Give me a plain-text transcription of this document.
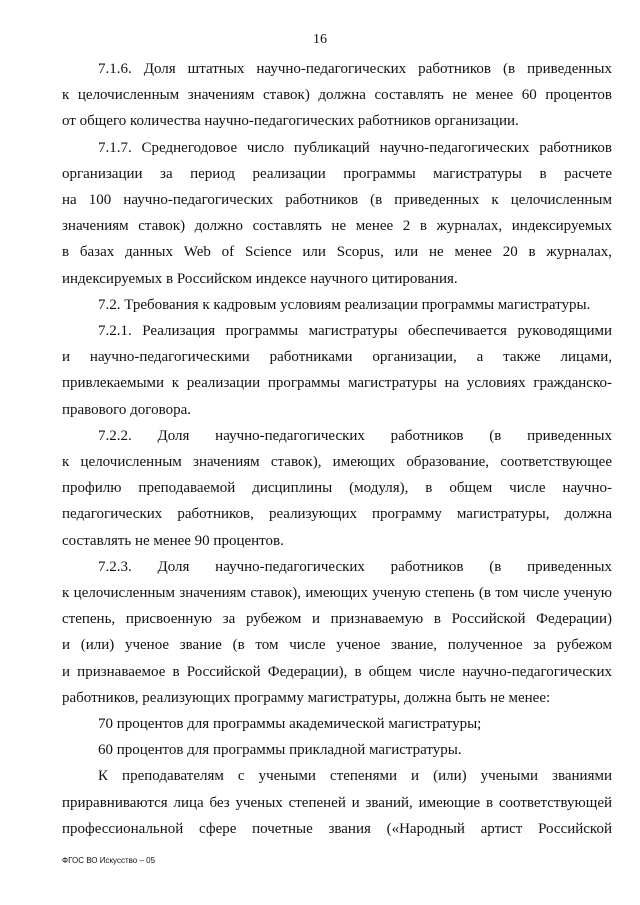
16

7.1.6. Доля штатных научно-педагогических работников (в приведенных
к целочисленным значениям ставок) должна составлять не менее 60 процентов
от общего количества научно-педагогических работников организации.

7.1.7. Среднегодовое число публикаций научно-педагогических работников
организации за период реализации программы магистратуры в расчете
на 100 научно-педагогических работников (в приведенных к целочисленным
значениям ставок) должно составлять не менее 2 в журналах, индексируемых
в базах данных Web of Science или Scopus, или не менее 20 в журналах,
индексируемых в Российском индексе научного цитирования.

7.2. Требования к кадровым условиям реализации программы магистратуры.

7.2.1. Реализация программы магистратуры обеспечивается руководящими
и научно-педагогическими работниками организации, а также лицами,
привлекаемыми к реализации программы магистратуры на условиях гражданско-
правового договора.

7.2.2. Доля научно-педагогических работников (в приведенных
к целочисленным значениям ставок), имеющих образование, соответствующее
профилю преподаваемой дисциплины (модуля), в общем числе научно-
педагогических работников, реализующих программу магистратуры, должна
составлять не менее 90 процентов.

7.2.3. Доля научно-педагогических работников (в приведенных
к целочисленным значениям ставок), имеющих ученую степень (в том числе ученую
степень, присвоенную за рубежом и признаваемую в Российской Федерации)
и (или) ученое звание (в том числе ученое звание, полученное за рубежом
и признаваемое в Российской Федерации), в общем числе научно-педагогических
работников, реализующих программу магистратуры, должна быть не менее:

70 процентов для программы академической магистратуры;

60 процентов для программы прикладной магистратуры.

К преподавателям с учеными степенями и (или) учеными званиями
приравниваются лица без ученых степеней и званий, имеющие в соответствующей
профессиональной сфере почетные звания («Народный артист Российской

ФГОС ВО Искусство – 05
